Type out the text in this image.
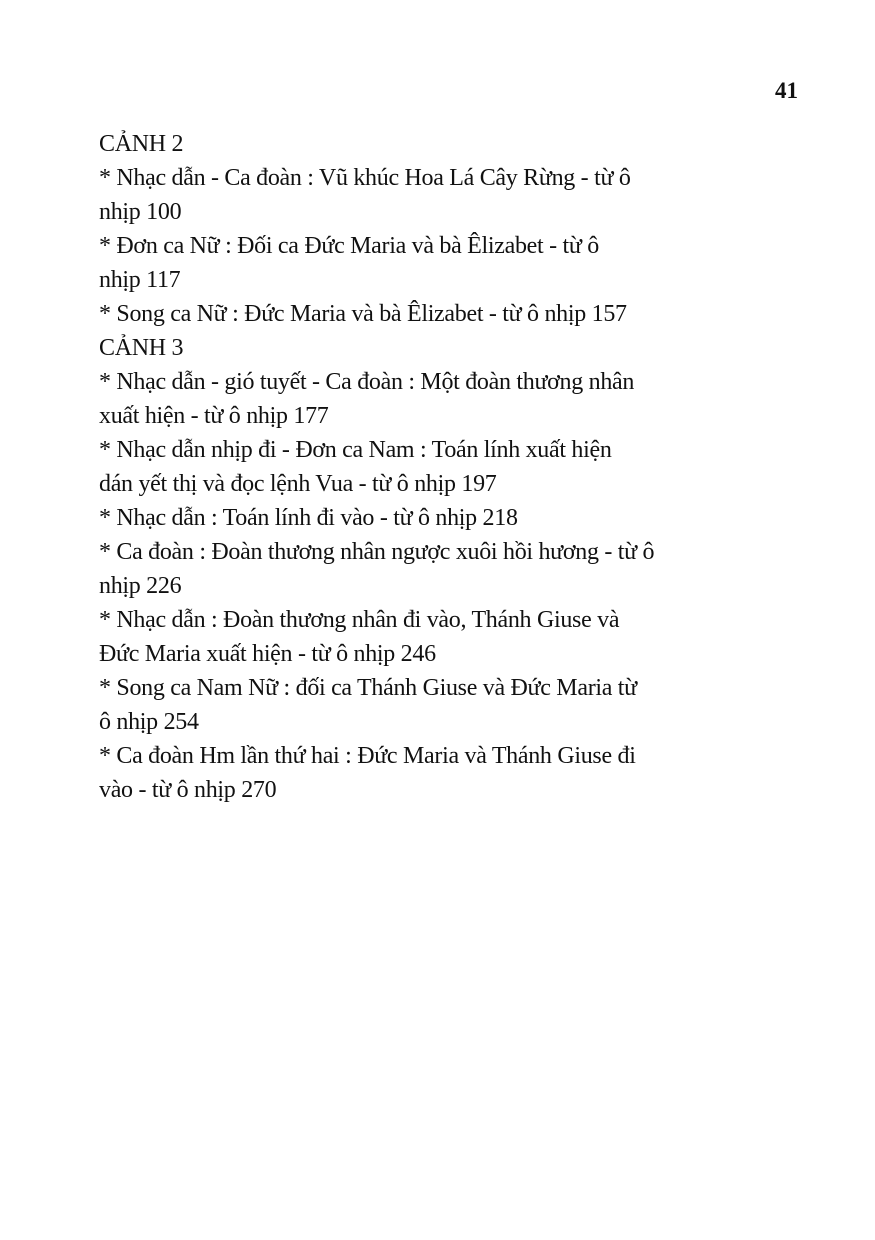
41
CẢNH 2
* Nhạc dẫn - Ca đoàn : Vũ khúc Hoa Lá Cây Rừng - từ ô
nhịp 100
* Đơn ca Nữ : Đối ca Đức Maria và bà Êlizabet - từ ô
nhịp 117
* Song ca Nữ : Đức Maria và bà Êlizabet - từ ô nhịp 157
CẢNH 3
* Nhạc dẫn - gió tuyết - Ca đoàn : Một đoàn thương nhân
xuất hiện - từ ô nhịp 177
* Nhạc dẫn nhịp đi - Đơn ca Nam : Toán lính xuất hiện
dán yết thị và đọc lệnh Vua - từ ô nhịp 197
* Nhạc dẫn : Toán lính đi vào - từ ô nhịp 218
* Ca đoàn : Đoàn thương nhân ngược xuôi hồi hương - từ ô
nhịp 226
* Nhạc dẫn : Đoàn thương nhân đi vào, Thánh Giuse và
Đức Maria xuất hiện - từ ô nhịp 246
* Song ca Nam Nữ : đối ca Thánh Giuse và Đức Maria từ
ô nhịp 254
* Ca đoàn Hm lần thứ hai : Đức Maria và Thánh Giuse đi
vào - từ ô nhịp 270
